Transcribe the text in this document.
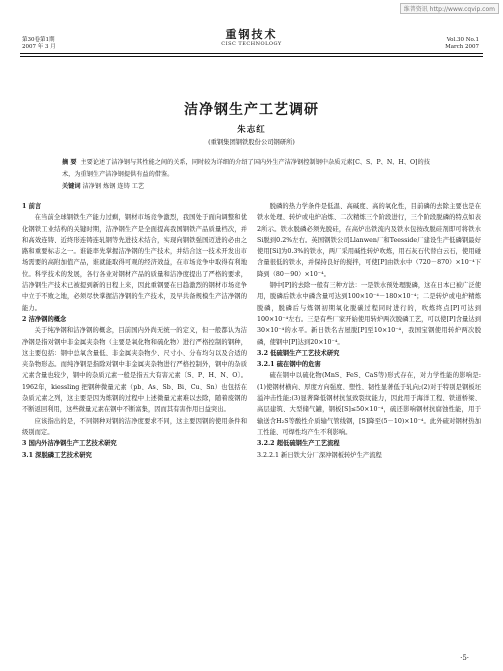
维普资讯 http://www.cqvip.com
第30卷第1期
2007 年 3 月
重钢技术
CISC TECHNOLOGY
Vol.30 No.1
March 2007
洁净钢生产工艺调研
朱志红
(重钢集团钢铁股份公司钢研所)
摘 要 主要论述了洁净钢与其性能之间的关系，同时较为详细的介绍了国内外生产洁净钢控制钢中杂质元素[C、S、P、N、H、O]的技术，为重钢生产洁净钢提供有益的借鉴。
关键词 洁净钢 炼钢 连铸 工艺

1 前言

在当前全球钢铁生产能力过剩，钢材市场竞争激烈，我国处于面向调整和优化钢铁工业结构的关键时期，洁净钢生产是全面提高我国钢铁产品质量档次，并和高效连铸、近终形连铸连轧钢等先进技术结合，实现向钢铁强国迈进的必由之路和重要标志之一。谁能率先掌握洁净钢的生产技术，并结合这一技术开发出市场需要的高附加值产品，谁就能取得可观的经济效益，在市场竞争中取得有利地位。科学技术的发展，各行各业对钢材产品的质量和洁净度提出了严格的要求，洁净钢生产技术已被提到新的日程上来，因此重钢要在日趋激烈的钢材市场竞争中立于不败之地，必须尽快掌握洁净钢的生产技术，及早共备规模生产洁净钢的能力。

2 洁净钢的概念

关于纯净钢和洁净钢的概念，目前国内外尚无统一的定义，但一般都认为洁净钢是指对钢中非金属夹杂物（主要是氧化物和硫化物）进行严格控制的钢种，这主要包括：钢中总氧含量低、非金属夹杂物少、尺寸小、分布均匀以及合适的夹杂物形态。而纯净钢是指除对钢中非金属夹杂物进行严格控制外，钢中的杂质元素含量也较少，钢中的杂质元素一般是指五大有害元素〔S、P、H、N、O〕。1962年，kiessling 把钢种微量元素（pb、As、Sb、Bi、Cu、Sn）也包括在杂质元素之列，这主要是因为炼钢的过程中上述微量元素难以去除，随着废钢的不断返回利用，这些微量元素在钢中不断富集，因而其有害作用日益突出。

应该指出的是，不同钢种对钢的洁净度要求不同，这主要因钢的使用条件和级别而定。

3 国内外洁净钢生产工艺技术研究

3.1 深脱磷工艺技术研究

脱磷的热力学条件是低温、高碱度、高的氧化性，目前磷的去除主要也是在铁水处理、转炉或电炉冶炼、二次精炼三个阶段进行，三个阶段脱磷的特点如表2所示。铁水脱磷必须先脱硅，在高炉出铁流内及铁水包按改脱硅剂即可将铁水Si脱到0.2%左右。英国钢铁公司Llanwen厂和Teesside厂建设生产低磷钢最好使用[Si]为0.3%的铁水，两厂采用碱性转炉吹炼，用石灰石代替白云石，使用碰含量很低的铁水，并保持良好的搅拌，可使[P]由铁水中（720－870）×10⁻⁴下降到（80－90）×10⁻⁴。

钢中[P]的去除一般有三种方法：一是铁水预处理脱磷，这在日本已被广泛使用，脱磷后铁水中磷含量可达到100×10⁻⁴－180×10⁻⁴；二是转炉或电炉精炼脱磷，脱磷后与炼钢初期氧化脱碳过程同时进行的，吹炼终点[P]可达到100×10⁻⁴左右。三是有些厂家开始使用转炉两次脱磷工艺，可以使[P]含量达到30×10⁻⁴的水平。新日铁名古屋脱[P]至10×10⁻⁴，我国宝钢使用转炉两次脱磷，使钢中[P]达到20×10⁻⁴。

3.2 低硫钢生产工艺技术研究

3.2.1 硫在钢中的危害

硫在钢中以硫化物(MnS、FeS、CaS等)形式存在，对力学性能的影响是:(1)使钢材横向、厚度方向强度、塑性、韧性显著低于轧向;(2)对于特别是钢板坯溢冲击性能;(3)显著降低钢材抗氢致裂纹能力，因此用于海洋工程、铁道桥梁、高层建筑、大型储气罐，钢板[S]≤50×10⁻⁴，硫还影响钢材抗腐蚀性能，用于输送含H₂S等酸性介质输气管线钢，[S]降至(5－10)×10⁻⁴。此外硫对钢材热加工性能、可焊性均产生不利影响。

3.2.2 超低硫钢生产工艺流程

3.2.2.1 新日铁大分厂深冲钢板转炉生产流程

·5·
